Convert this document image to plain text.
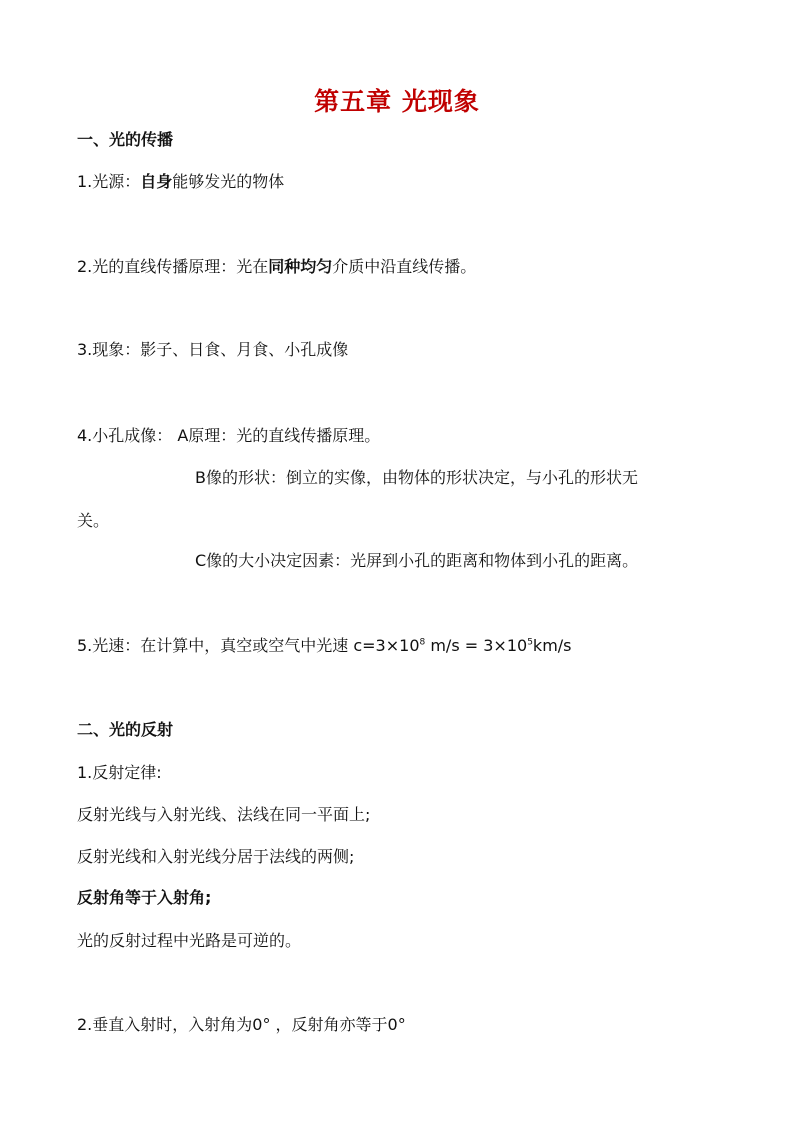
第五章 光现象
一、光的传播
1.光源：自身能够发光的物体
2.光的直线传播原理：光在同种均匀介质中沿直线传播。
3.现象：影子、日食、月食、小孔成像
4.小孔成像： A原理：光的直线传播原理。
B像的形状：倒立的实像，由物体的形状决定，与小孔的形状无
关。
C像的大小决定因素：光屏到小孔的距离和物体到小孔的距离。
5.光速：在计算中，真空或空气中光速 $c=3\times 10^8$ $m/s = 3\times 10^5km/s$
二、光的反射
1.反射定律:
反射光线与入射光线、法线在同一平面上;
反射光线和入射光线分居于法线的两侧;
反射角等于入射角;
光的反射过程中光路是可逆的。
2.垂直入射时，入射角为0° ，反射角亦等于0°
